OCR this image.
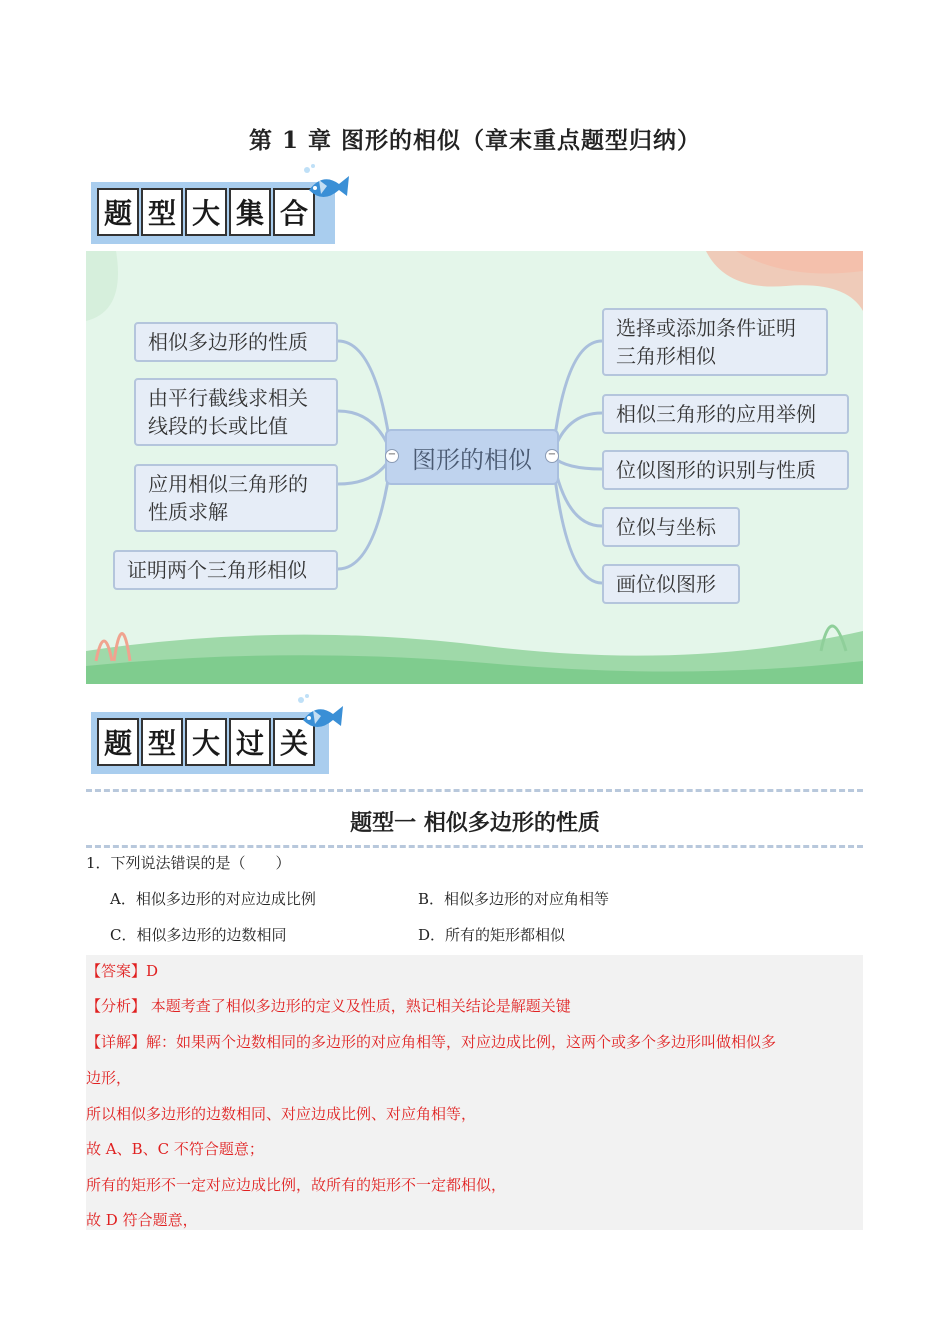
第 1 章 图形的相似（章末重点题型归纳）
题 型 大 集 合
相似多边形的性质
由平行截线求相关
线段的长或比值
应用相似三角形的
性质求解
证明两个三角形相似
− 图形的相似 −
选择或添加条件证明
三角形相似
相似三角形的应用举例
位似图形的识别与性质
位似与坐标
画位似图形
题 型 大 过 关
题型一 相似多边形的性质
1．下列说法错误的是（　　）
A．相似多边形的对应边成比例	B．相似多边形的对应角相等
C．相似多边形的边数相同	D．所有的矩形都相似
【答案】D
【分析】 本题考查了相似多边形的定义及性质，熟记相关结论是解题关键
【详解】解：如果两个边数相同的多边形的对应角相等，对应边成比例，这两个或多个多边形叫做相似多
边形，
所以相似多边形的边数相同、对应边成比例、对应角相等，
故 A、B、C 不符合题意；
所有的矩形不一定对应边成比例，故所有的矩形不一定都相似，
故 D 符合题意，
